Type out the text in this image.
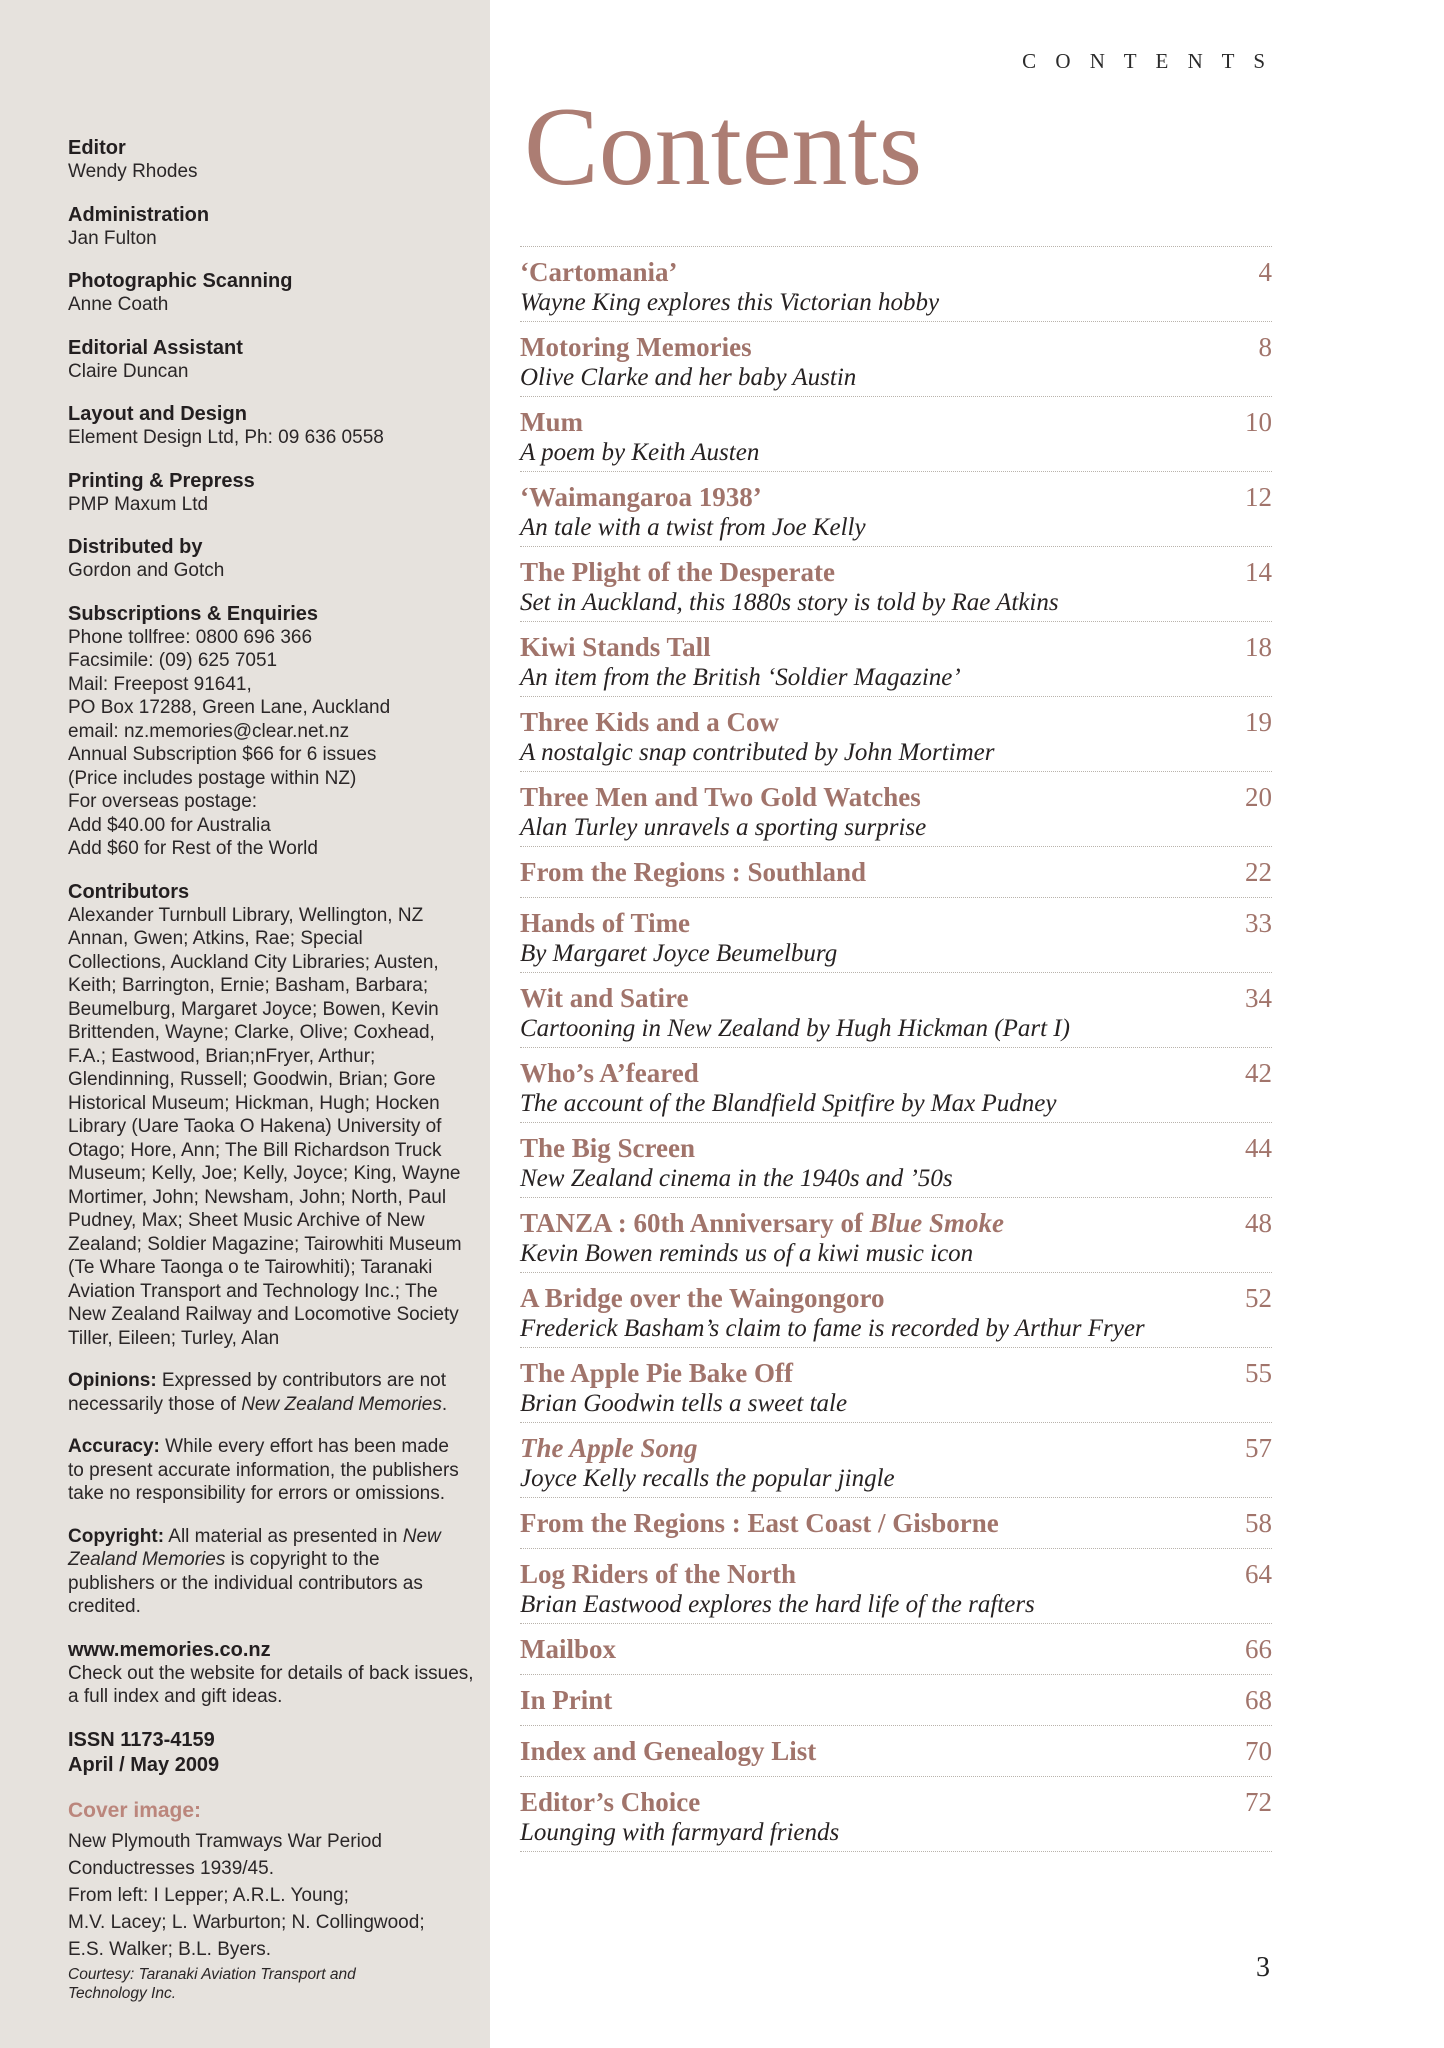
Editor
Wendy Rhodes
Administration
Jan Fulton
Photographic Scanning
Anne Coath
Editorial Assistant
Claire Duncan
Layout and Design
Element Design Ltd, Ph: 09 636 0558
Printing & Prepress
PMP Maxum Ltd
Distributed by
Gordon and Gotch
Subscriptions & Enquiries
Phone tollfree: 0800 696 366
Facsimile: (09) 625 7051
Mail: Freepost 91641,
PO Box 17288, Green Lane, Auckland
email: nz.memories@clear.net.nz
Annual Subscription $66 for 6 issues
(Price includes postage within NZ)
For overseas postage:
Add $40.00 for Australia
Add $60 for Rest of the World
Contributors
Alexander Turnbull Library, Wellington, NZ
Annan, Gwen; Atkins, Rae; Special
Collections, Auckland City Libraries; Austen,
Keith; Barrington, Ernie; Basham, Barbara;
Beumelburg, Margaret Joyce; Bowen, Kevin
Brittenden, Wayne; Clarke, Olive; Coxhead,
F.A.; Eastwood, Brian;nFryer, Arthur;
Glendinning, Russell; Goodwin, Brian; Gore
Historical Museum; Hickman, Hugh; Hocken
Library (Uare Taoka O Hakena) University of
Otago; Hore, Ann; The Bill Richardson Truck
Museum; Kelly, Joe; Kelly, Joyce; King, Wayne
Mortimer, John; Newsham, John; North, Paul
Pudney, Max; Sheet Music Archive of New
Zealand; Soldier Magazine; Tairowhiti Museum
(Te Whare Taonga o te Tairowhiti); Taranaki
Aviation Transport and Technology Inc.; The
New Zealand Railway and Locomotive Society
Tiller, Eileen; Turley, Alan
Opinions: Expressed by contributors are not necessarily those of New Zealand Memories.
Accuracy: While every effort has been made to present accurate information, the publishers take no responsibility for errors or omissions.
Copyright: All material as presented in New Zealand Memories is copyright to the publishers or the individual contributors as credited.
www.memories.co.nz
Check out the website for details of back issues,
a full index and gift ideas.
ISSN 1173-4159
April / May 2009
Cover image:
New Plymouth Tramways War Period
Conductresses 1939/45.
From left: I Lepper; A.R.L. Young;
M.V. Lacey; L. Warburton; N. Collingwood;
E.S. Walker; B.L. Byers.
Courtesy: Taranaki Aviation Transport and Technology Inc.
C O N T E N T S
Contents
‘Cartomania’	4
Wayne King explores this Victorian hobby
Motoring Memories	8
Olive Clarke and her baby Austin
Mum	10
A poem by Keith Austen
‘Waimangaroa 1938’	12
An tale with a twist from Joe Kelly
The Plight of the Desperate	14
Set in Auckland, this 1880s story is told by Rae Atkins
Kiwi Stands Tall	18
An item from the British ‘Soldier Magazine’
Three Kids and a Cow	19
A nostalgic snap contributed by John Mortimer
Three Men and Two Gold Watches	20
Alan Turley unravels a sporting surprise
From the Regions : Southland	22
Hands of Time	33
By Margaret Joyce Beumelburg
Wit and Satire	34
Cartooning in New Zealand by Hugh Hickman (Part I)
Who’s A’feared	42
The account of the Blandfield Spitfire by Max Pudney
The Big Screen	44
New Zealand cinema in the 1940s and ’50s
TANZA : 60th Anniversary of Blue Smoke	48
Kevin Bowen reminds us of a kiwi music icon
A Bridge over the Waingongoro	52
Frederick Basham’s claim to fame is recorded by Arthur Fryer
The Apple Pie Bake Off	55
Brian Goodwin tells a sweet tale
The Apple Song	57
Joyce Kelly recalls the popular jingle
From the Regions : East Coast / Gisborne	58
Log Riders of the North	64
Brian Eastwood explores the hard life of the rafters
Mailbox	66
In Print	68
Index and Genealogy List	70
Editor’s Choice	72
Lounging with farmyard friends
3
